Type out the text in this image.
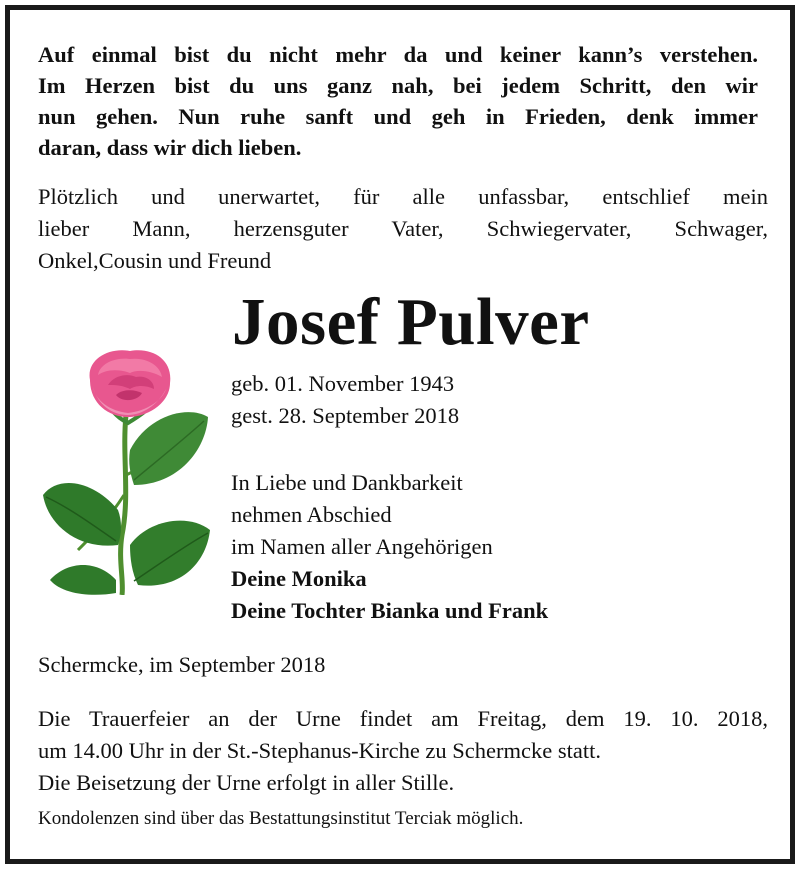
Auf einmal bist du nicht mehr da und keiner kann’s verstehen.
Im Herzen bist du uns ganz nah, bei jedem Schritt, den wir
nun gehen. Nun ruhe sanft und geh in Frieden, denk immer
daran, dass wir dich lieben.

Plötzlich und unerwartet, für alle unfassbar, entschlief mein
lieber Mann, herzensguter Vater, Schwiegervater, Schwager,
Onkel,Cousin und Freund

Josef Pulver

geb. 01. November 1943
gest. 28. September 2018

In Liebe und Dankbarkeit
nehmen Abschied
im Namen aller Angehörigen
Deine Monika
Deine Tochter Bianka und Frank

Schermcke, im September 2018

Die Trauerfeier an der Urne findet am Freitag, dem 19. 10. 2018,
um 14.00 Uhr in der St.-Stephanus-Kirche zu Schermcke statt.
Die Beisetzung der Urne erfolgt in aller Stille.

Kondolenzen sind über das Bestattungsinstitut Terciak möglich.
